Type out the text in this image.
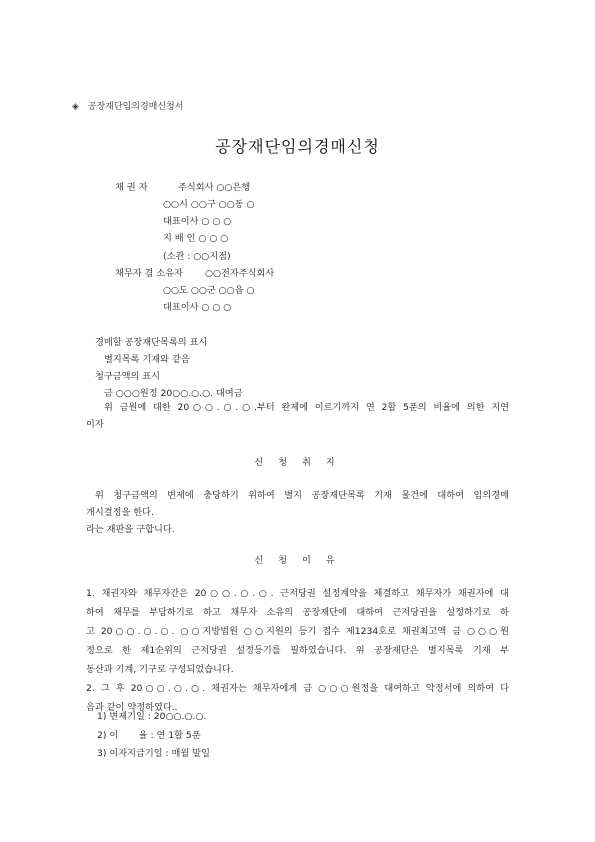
◈ 공장재단임의경매신청서
공장재단임의경매신청
채 권 자	주식회사 ○○은행
○○시 ○○구 ○○동 ○
대표이사 ○ ○ ○
지 배 인 ○ ○ ○
(소관 : ○○지점)
채무자 겸 소유자 ○○전자주식회사
○○도 ○○군 ○○읍 ○
대표이사 ○ ○ ○
경매할 공장재단목록의 표시
별지목록 기재와 같음
청구금액의 표시
금 ○○○원정 20○○.○.○. 대여금
위 금원에 대한 20○○.○.○.부터 완제에 이르기까지 연 2할 5푼의 비율에 의한 지연
이자
신 청 취 지
위 청구금액의 변제에 충당하기 위하여 별지 공장재단목록 기재 물건에 대하여 임의경매
개시결정을 한다.
라는 재판을 구합니다.
신 청 이 유
1. 채권자와 채무자간은 20○○.○.○. 근저당권 설정계약을 체결하고 채무자가 채권자에 대
하여 채무를 부담하기로 하고 채무자 소유의 공장재단에 대하여 근저당권을 설정하기로 하
고 20○○.○.○. ○○지방법원 ○○지원의 등기 접수 제1234호로 채권최고액 금 ○○○원
정으로 한 제1순위의 근저당권 설정등기를 필하였습니다. 위 공장재단은 별지목록 기재 부
동산과 기계, 기구로 구성되었습니다.
2. 그 후 20○○.○.○. 채권자는 채무자에게 금 ○○○원정을 대여하고 약정서에 의하여 다
음과 같이 약정하였다..
1) 변제기일 : 20○○.○.○.
2) 이       율 : 연 1할 5푼
3) 이자지급기일 : 매월 말일
